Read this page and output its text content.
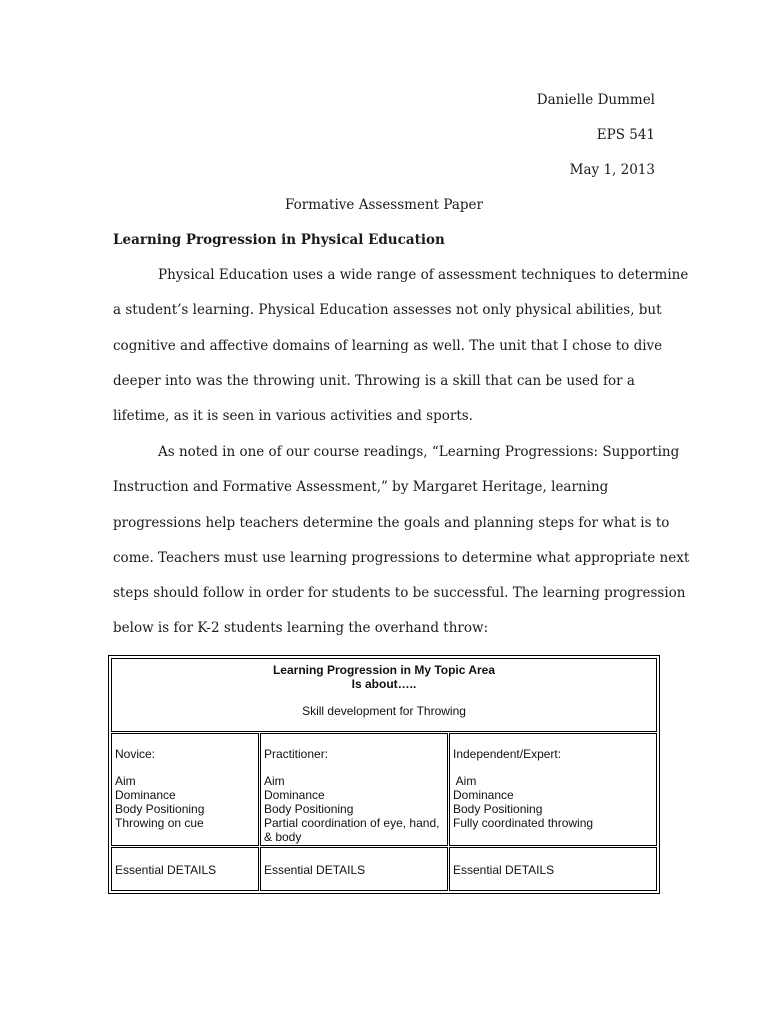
Danielle Dummel
EPS 541
May 1, 2013
Formative Assessment Paper
Learning Progression in Physical Education

Physical Education uses a wide range of assessment techniques to determine
a student’s learning. Physical Education assesses not only physical abilities, but
cognitive and affective domains of learning as well. The unit that I chose to dive
deeper into was the throwing unit. Throwing is a skill that can be used for a
lifetime, as it is seen in various activities and sports.

As noted in one of our course readings, “Learning Progressions: Supporting
Instruction and Formative Assessment,” by Margaret Heritage, learning
progressions help teachers determine the goals and planning steps for what is to
come. Teachers must use learning progressions to determine what appropriate next
steps should follow in order for students to be successful. The learning progression
below is for K-2 students learning the overhand throw:

Learning Progression in My Topic Area
Is about…..
Skill development for Throwing
Novice:
Aim
Dominance
Body Positioning
Throwing on cue
Practitioner:
Aim
Dominance
Body Positioning
Partial coordination of eye, hand, & body
Independent/Expert:
Aim
Dominance
Body Positioning
Fully coordinated throwing
Essential DETAILS	Essential DETAILS	Essential DETAILS
